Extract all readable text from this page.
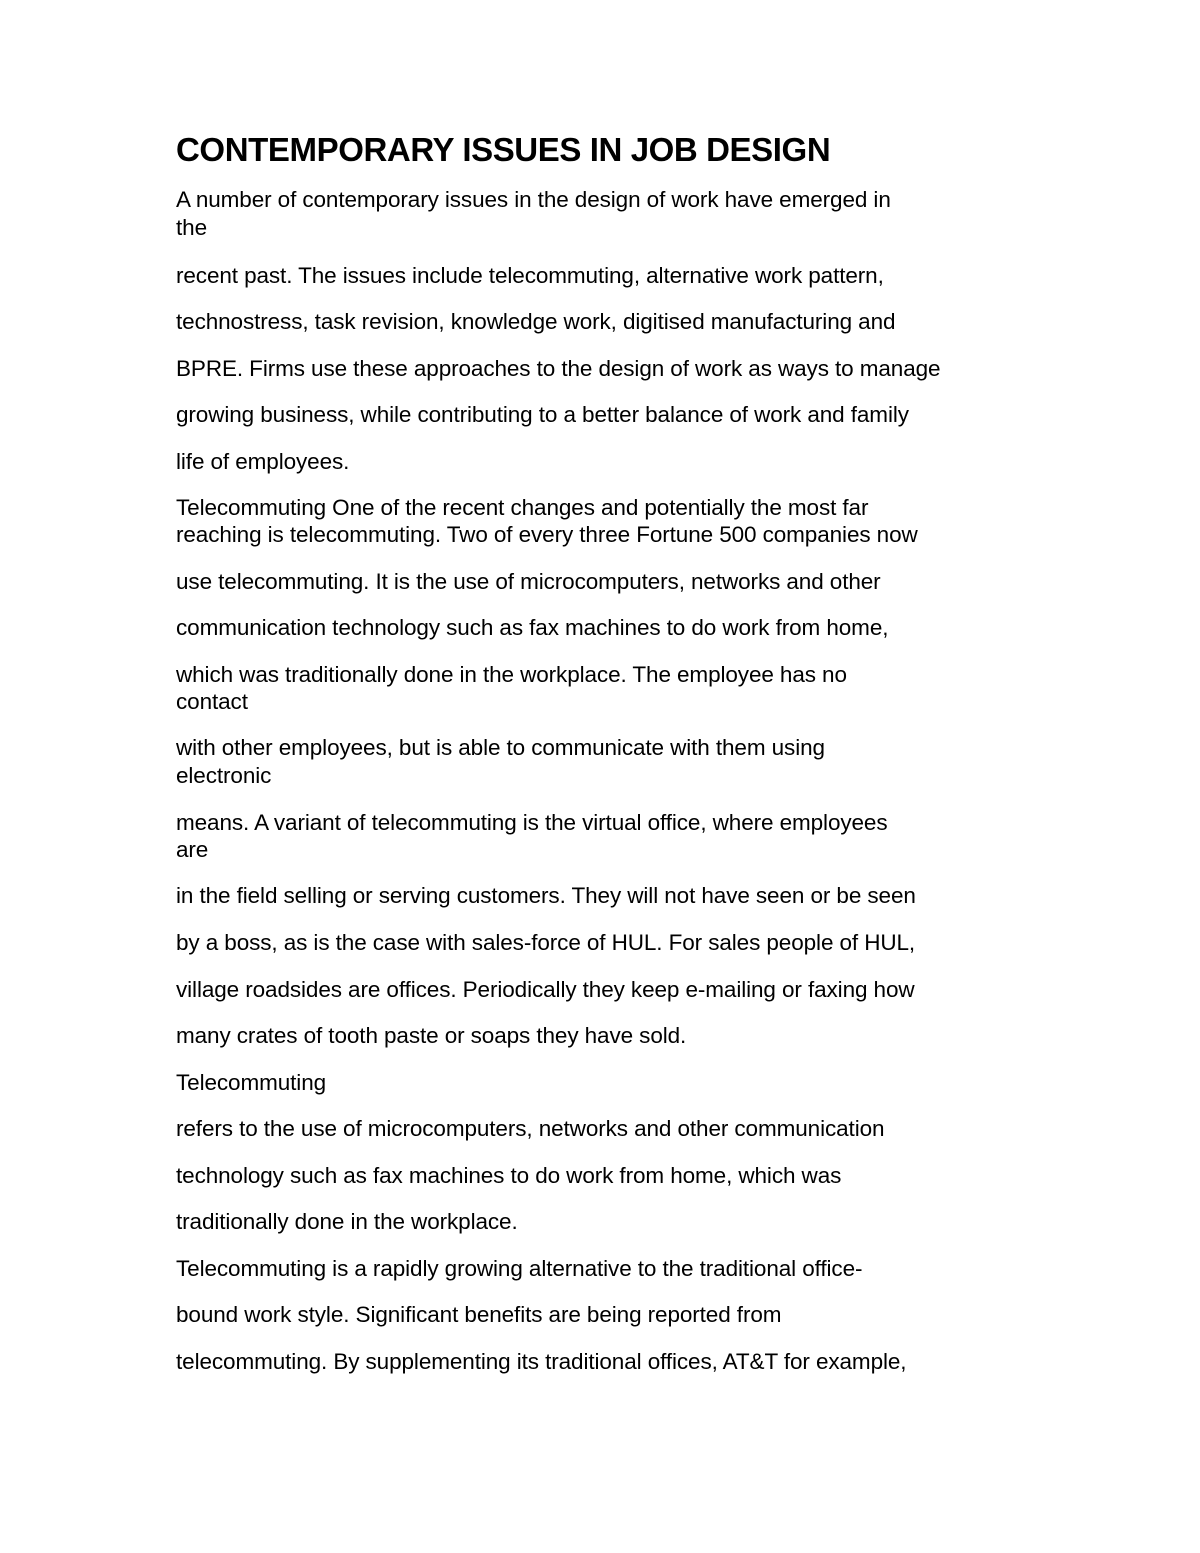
CONTEMPORARY ISSUES IN JOB DESIGN

A number of contemporary issues in the design of work have emerged in

the

recent past. The issues include telecommuting, alternative work pattern,

technostress, task revision, knowledge work, digitised manufacturing and

BPRE. Firms use these approaches to the design of work as ways to manage

growing business, while contributing to a better balance of work and family

life of employees.

Telecommuting One of the recent changes and potentially the most far

reaching is telecommuting. Two of every three Fortune 500 companies now

use telecommuting. It is the use of microcomputers, networks and other

communication technology such as fax machines to do work from home,

which was traditionally done in the workplace. The employee has no

contact

with other employees, but is able to communicate with them using

electronic

means. A variant of telecommuting is the virtual office, where employees

are

in the field selling or serving customers. They will not have seen or be seen

by a boss, as is the case with sales-force of HUL. For sales people of HUL,

village roadsides are offices. Periodically they keep e-mailing or faxing how

many crates of tooth paste or soaps they have sold.

Telecommuting

refers to the use of microcomputers, networks and other communication

technology such as fax machines to do work from home, which was

traditionally done in the workplace.

Telecommuting is a rapidly growing alternative to the traditional office-

bound work style. Significant benefits are being reported from

telecommuting. By supplementing its traditional offices, AT&T for example,
